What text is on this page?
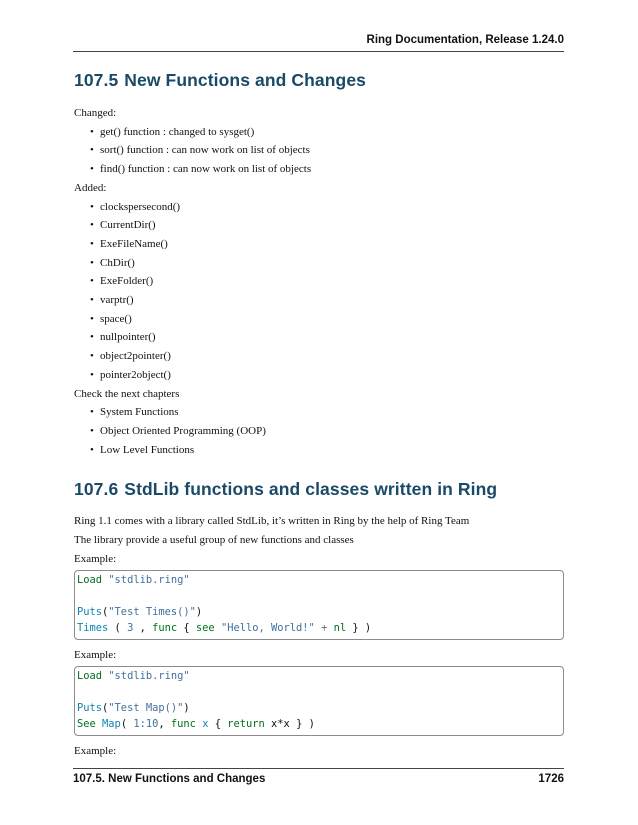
Ring Documentation, Release 1.24.0
107.5 New Functions and Changes

Changed:

• get() function : changed to sysget()
• sort() function : can now work on list of objects
• find() function : can now work on list of objects

Added:

• clockspersecond()
• CurrentDir()
• ExeFileName()
• ChDir()
• ExeFolder()
• varptr()
• space()
• nullpointer()
• object2pointer()
• pointer2object()

Check the next chapters

• System Functions
• Object Oriented Programming (OOP)
• Low Level Functions
107.6 StdLib functions and classes written in Ring

Ring 1.1 comes with a library called StdLib, it’s written in Ring by the help of Ring Team

The library provide a useful group of new functions and classes

Example:

Load "stdlib.ring"

Puts("Test Times()")
Times ( 3 , func { see "Hello, World!" + nl } )

Example:

Load "stdlib.ring"

Puts("Test Map()")
See Map( 1:10, func x { return x*x } )

Example:

107.5. New Functions and Changes	1726
